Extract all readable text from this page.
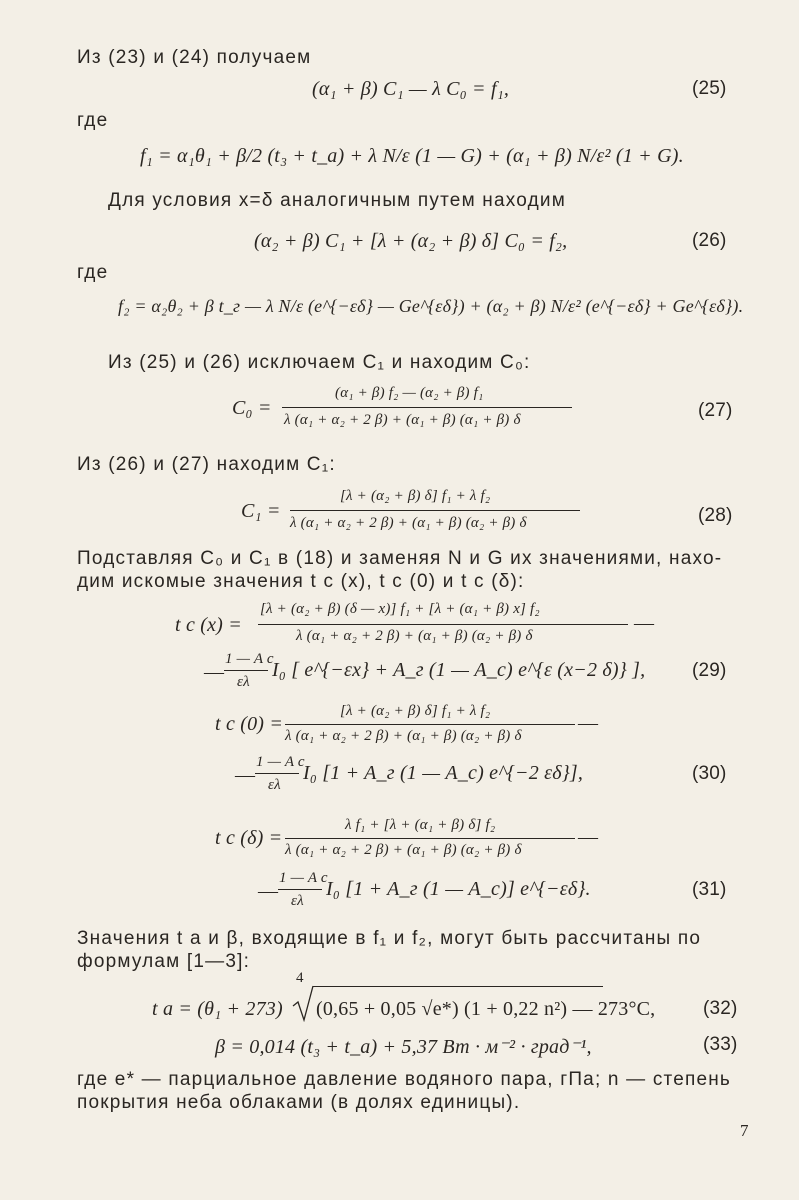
Из (23) и (24) получаем
(α₁ + β) C₁ — λ C₀ = f₁,	(25)
где
f₁ = α₁θ₁ + β/2 (t₃ + t_a) + λ N/ε (1 — G) + (α₁ + β) N/ε² (1 + G).
Для условия x=δ аналогичным путем находим
(α₂ + β) C₁ + [λ + (α₂ + β) δ] C₀ = f₂,	(26)
где
f₂ = α₂θ₂ + β t_г — λ N/ε (e^{−εδ} — Ge^{εδ}) + (α₂ + β) N/ε² (e^{−εδ} + Ge^{εδ}).
Из (25) и (26) исключаем C₁ и находим C₀:
C₀ =
(α₁ + β) f₂ — (α₂ + β) f₁
λ (α₁ + α₂ + 2 β) + (α₁ + β) (α₁ + β) δ	(27)
Из (26) и (27) находим C₁:
C₁ =
[λ + (α₂ + β) δ] f₁ + λ f₂
λ (α₁ + α₂ + 2 β) + (α₁ + β) (α₂ + β) δ	(28)
Подставляя C₀ и C₁ в (18) и заменяя N и G их значениями, нахо-
дим искомые значения t c (x), t c (0) и t c (δ):
t c (x) =
[λ + (α₂ + β) (δ — x)] f₁ + [λ + (α₁ + β) x] f₂
λ (α₁ + α₂ + 2 β) + (α₁ + β) (α₂ + β) δ
—
—
1 — A c
ελ
I₀ [ e^{−εx} + A_г (1 — A_c) e^{ε (x−2 δ)} ], (29)
t c (0) =
[λ + (α₂ + β) δ] f₁ + λ f₂
λ (α₁ + α₂ + 2 β) + (α₁ + β) (α₂ + β) δ
—
—
1 — A c
ελ
I₀ [1 + A_г (1 — A_c) e^{−2 εδ}],	(30)
t c (δ) =
λ f₁ + [λ + (α₁ + β) δ] f₂
λ (α₁ + α₂ + 2 β) + (α₁ + β) (α₂ + β) δ
—
—
1 — A c
ελ
I₀ [1 + A_г (1 — A_c)] e^{−εδ}.	(31)
Значения t a и β, входящие в f₁ и f₂, могут быть рассчитаны по
формулам [1—3]:
t a = (θ₁ + 273)
4
(0,65 + 0,05 √e*) (1 + 0,22 n²) — 273°C,	(32)
β = 0,014 (t₃ + t_a) + 5,37 Вт · м⁻² · град⁻¹,	(33)
где e* — парциальное давление водяного пара, гПа; n — степень
покрытия неба облаками (в долях единицы).
7
